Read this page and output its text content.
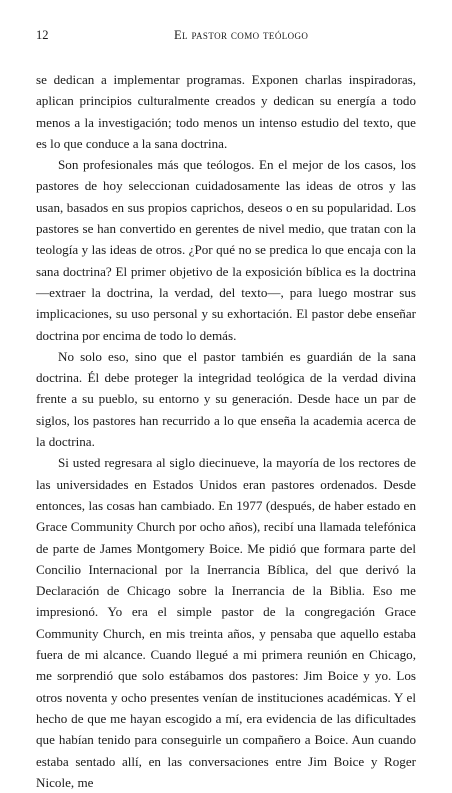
12	El pastor como teólogo

se dedican a implementar programas. Exponen charlas inspiradoras, aplican principios culturalmente creados y dedican su energía a todo menos a la investigación; todo menos un intenso estudio del texto, que es lo que conduce a la sana doctrina.

Son profesionales más que teólogos. En el mejor de los casos, los pastores de hoy seleccionan cuidadosamente las ideas de otros y las usan, basados en sus propios caprichos, deseos o en su popularidad. Los pastores se han convertido en gerentes de nivel medio, que tratan con la teología y las ideas de otros. ¿Por qué no se predica lo que encaja con la sana doctrina? El primer objetivo de la exposición bíblica es la doctrina —extraer la doctrina, la verdad, del texto—, para luego mostrar sus implicaciones, su uso personal y su exhortación. El pastor debe enseñar doctrina por encima de todo lo demás.

No solo eso, sino que el pastor también es guardián de la sana doctrina. Él debe proteger la integridad teológica de la verdad divina frente a su pueblo, su entorno y su generación. Desde hace un par de siglos, los pastores han recurrido a lo que enseña la academia acerca de la doctrina.

Si usted regresara al siglo diecinueve, la mayoría de los rectores de las universidades en Estados Unidos eran pastores ordenados. Desde entonces, las cosas han cambiado. En 1977 (después, de haber estado en Grace Community Church por ocho años), recibí una llamada telefónica de parte de James Montgomery Boice. Me pidió que formara parte del Concilio Internacional por la Inerrancia Bíblica, del que derivó la Declaración de Chicago sobre la Inerrancia de la Biblia. Eso me impresionó. Yo era el simple pastor de la congregación Grace Community Church, en mis treinta años, y pensaba que aquello estaba fuera de mi alcance. Cuando llegué a mi primera reunión en Chicago, me sorprendió que solo estábamos dos pastores: Jim Boice y yo. Los otros noventa y ocho presentes venían de instituciones académicas. Y el hecho de que me hayan escogido a mí, era evidencia de las dificultades que habían tenido para conseguirle un compañero a Boice. Aun cuando estaba sentado allí, en las conversaciones entre Jim Boice y Roger Nicole, me
